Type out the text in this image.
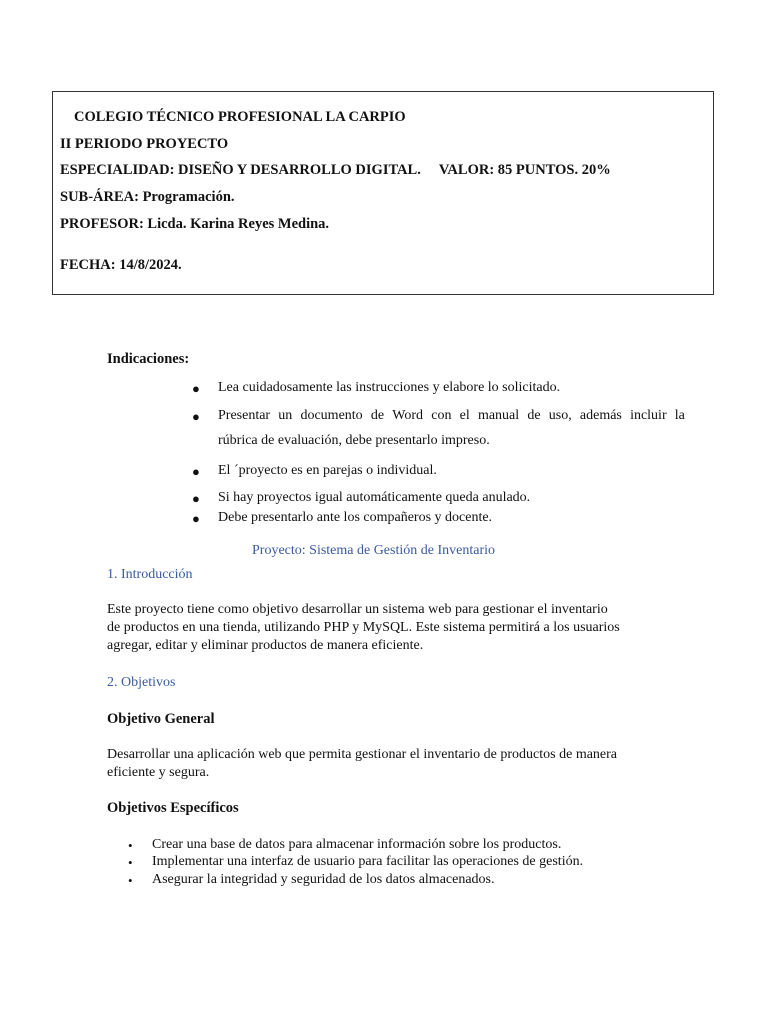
COLEGIO TÉCNICO PROFESIONAL LA CARPIO
II PERIODO PROYECTO
ESPECIALIDAD: DISEÑO Y DESARROLLO DIGITAL. VALOR: 85 PUNTOS. 20%
SUB-ÁREA: Programación.
PROFESOR: Licda. Karina Reyes Medina.
FECHA: 14/8/2024.
Indicaciones:
● Lea cuidadosamente las instrucciones y elabore lo solicitado.
● Presentar un documento de Word con el manual de uso, además incluir la
● El ´proyecto es en parejas o individual.
● Si hay proyectos igual automáticamente queda anulado.
● Debe presentarlo ante los compañeros y docente.
rúbrica de evaluación, debe presentarlo impreso.
Proyecto: Sistema de Gestión de Inventario
1. Introducción
Este proyecto tiene como objetivo desarrollar un sistema web para gestionar el inventario
de productos en una tienda, utilizando PHP y MySQL. Este sistema permitirá a los usuarios
agregar, editar y eliminar productos de manera eficiente.
2. Objetivos
Objetivo General
Desarrollar una aplicación web que permita gestionar el inventario de productos de manera
eficiente y segura.
Objetivos Específicos
• Crear una base de datos para almacenar información sobre los productos.
• Implementar una interfaz de usuario para facilitar las operaciones de gestión.
• Asegurar la integridad y seguridad de los datos almacenados.
